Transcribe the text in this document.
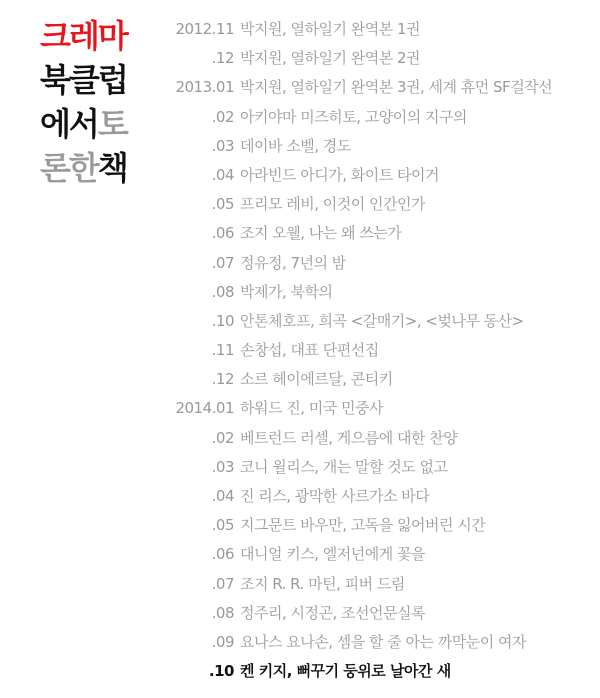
크레마
북클럽
에서토
론한책
2012.11 박지원, 열하일기 완역본 1권
.12 박지원, 열하일기 완역본 2권
2013.01 박지원, 열하일기 완역본 3권, 세계 휴먼 SF걸작선
.02 아키야마 미즈히토, 고양이의 지구의
.03 데이바 소벨, 경도
.04 아라빈드 아디가, 화이트 타이거
.05 프리모 레비, 이것이 인간인가
.06 조지 오웰, 나는 왜 쓰는가
.07 정유정, 7년의 밤
.08 박제가, 북학의
.10 안톤체호프, 희곡 <갈매기>, <벚나무 동산>
.11 손창섭, 대표 단편선집
.12 소르 헤이에르달, 콘티키
2014.01 하워드 진, 미국 민중사
.02 베트런드 러셀, 게으름에 대한 찬양
.03 코니 윌리스, 개는 말할 것도 없고
.04 진 리스, 광막한 사르가소 바다
.05 지그문트 바우만, 고독을 잃어버린 시간
.06 대니얼 키스, 엘저넌에게 꽃을
.07 조지 R. R. 마틴, 피버 드림
.08 정주리, 시정곤, 조선언문실록
.09 요나스 요나손, 셈을 할 줄 아는 까막눈이 여자
.10 켄 키지, 뻐꾸기 둥위로 날아간 새
